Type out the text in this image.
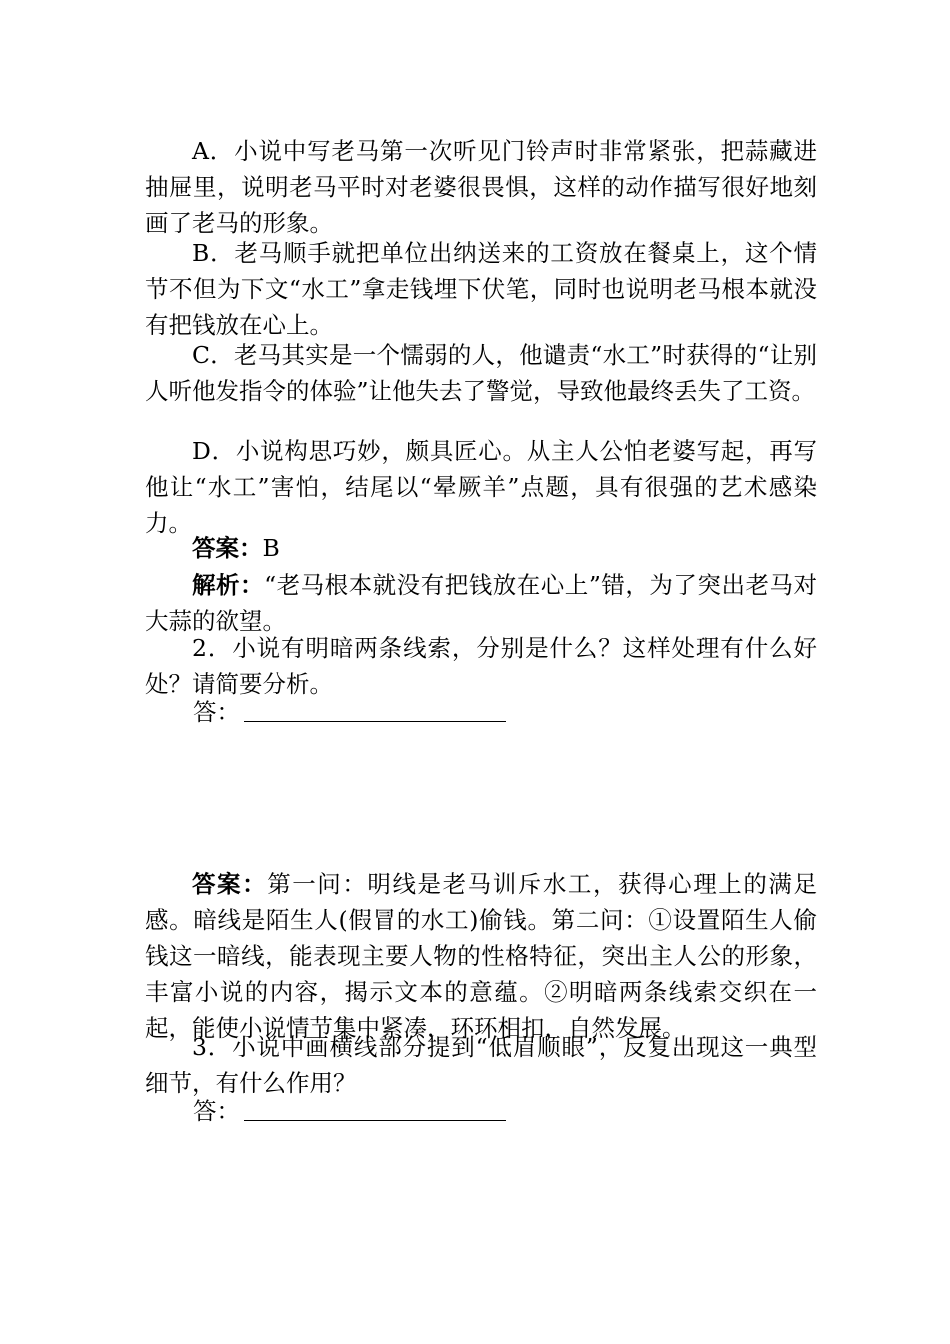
A．小说中写老马第一次听见门铃声时非常紧张，把蒜藏进抽屉里，说明老马平时对老婆很畏惧，这样的动作描写很好地刻画了老马的形象。

B．老马顺手就把单位出纳送来的工资放在餐桌上，这个情节不但为下文“水工”拿走钱埋下伏笔，同时也说明老马根本就没有把钱放在心上。

C．老马其实是一个懦弱的人，他谴责“水工”时获得的“让别人听他发指令的体验”让他失去了警觉，导致他最终丢失了工资。

D．小说构思巧妙，颇具匠心。从主人公怕老婆写起，再写他让“水工”害怕，结尾以“晕厥羊”点题，具有很强的艺术感染力。

答案：B

解析：“老马根本就没有把钱放在心上”错，为了突出老马对大蒜的欲望。

2．小说有明暗两条线索，分别是什么？这样处理有什么好处？请简要分析。

答：

答案：第一问：明线是老马训斥水工，获得心理上的满足感。暗线是陌生人(假冒的水工)偷钱。第二问：①设置陌生人偷钱这一暗线，能表现主要人物的性格特征，突出主人公的形象，丰富小说的内容，揭示文本的意蕴。②明暗两条线索交织在一起，能使小说情节集中紧凑，环环相扣，自然发展。

3．小说中画横线部分提到“低眉顺眼”，反复出现这一典型细节，有什么作用？

答：
